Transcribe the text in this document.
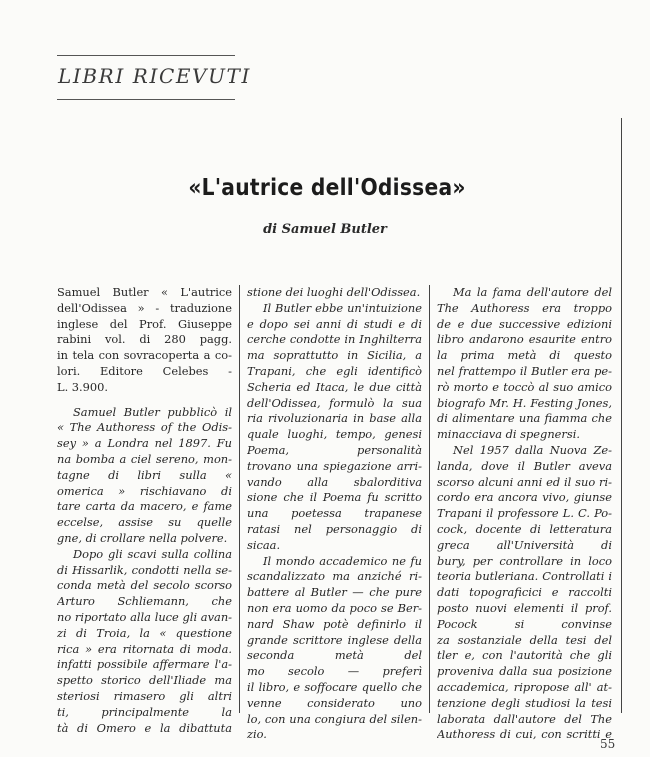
LIBRI RICEVUTI
«L'autrice dell'Odissea»
di Samuel Butler
Samuel Butler « L'autrice
dell'Odissea » - traduzione
inglese del Prof. Giuseppe
rabini vol. di 280 pagg.
in tela con sovracoperta a co-
lori. Editore Celebes -
L. 3.900.
Samuel Butler pubblicò il
« The Authoress of the Odis-
sey » a Londra nel 1897. Fu
na bomba a ciel sereno, mon-
tagne di libri sulla «
omerica » rischiavano di
tare carta da macero, e fame
eccelse, assise su quelle
gne, di crollare nella polvere.
Dopo gli scavi sulla collina
di Hissarlik, condotti nella se-
conda metà del secolo scorso
Arturo Schliemann, che
no riportato alla luce gli avan-
zi di Troia, la « questione
rica » era ritornata di moda.
infatti possibile affermare l'a-
spetto storico dell'Iliade ma
steriosi rimasero gli altri
ti, principalmente la
tà di Omero e la dibattuta
stione dei luoghi dell'Odissea.
Il Butler ebbe un'intuizione
e dopo sei anni di studi e di
cerche condotte in Inghilterra
ma soprattutto in Sicilia, a
Trapani, che egli identificò
Scheria ed Itaca, le due città
dell'Odissea, formulò la sua
ria rivoluzionaria in base alla
quale luoghi, tempo, genesi
Poema, personalità
trovano una spiegazione arri-
vando alla sbalorditiva
sione che il Poema fu scritto
una poetessa trapanese
ratasi nel personaggio di
sicaa.
Il mondo accademico ne fu
scandalizzato ma anziché ri-
battere al Butler — che pure
non era uomo da poco se Ber-
nard Shaw potè definirlo il
grande scrittore inglese della
seconda metà del
mo secolo — preferì
il libro, e soffocare quello che
venne considerato uno
lo, con una congiura del silen-
zio.
Ma la fama dell'autore del
The Authoress era troppo
de e due successive edizioni
libro andarono esaurite entro
la prima metà di questo
nel frattempo il Butler era pe-
rò morto e toccò al suo amico
biografo Mr. H. Festing Jones,
di alimentare una fiamma che
minacciava di spegnersi.
Nel 1957 dalla Nuova Ze-
landa, dove il Butler aveva
scorso alcuni anni ed il suo ri-
cordo era ancora vivo, giunse
Trapani il professore L. C. Po-
cock, docente di letteratura
greca all'Università di
bury, per controllare in loco
teoria butleriana. Controllati i
dati topograficici e raccolti
posto nuovi elementi il prof.
Pocock si convinse
za sostanziale della tesi del
tler e, con l'autorità che gli
proveniva dalla sua posizione
accademica, ripropose all' at-
tenzione degli studiosi la tesi
laborata dall'autore del The
Authoress di cui, con scritti e
55
